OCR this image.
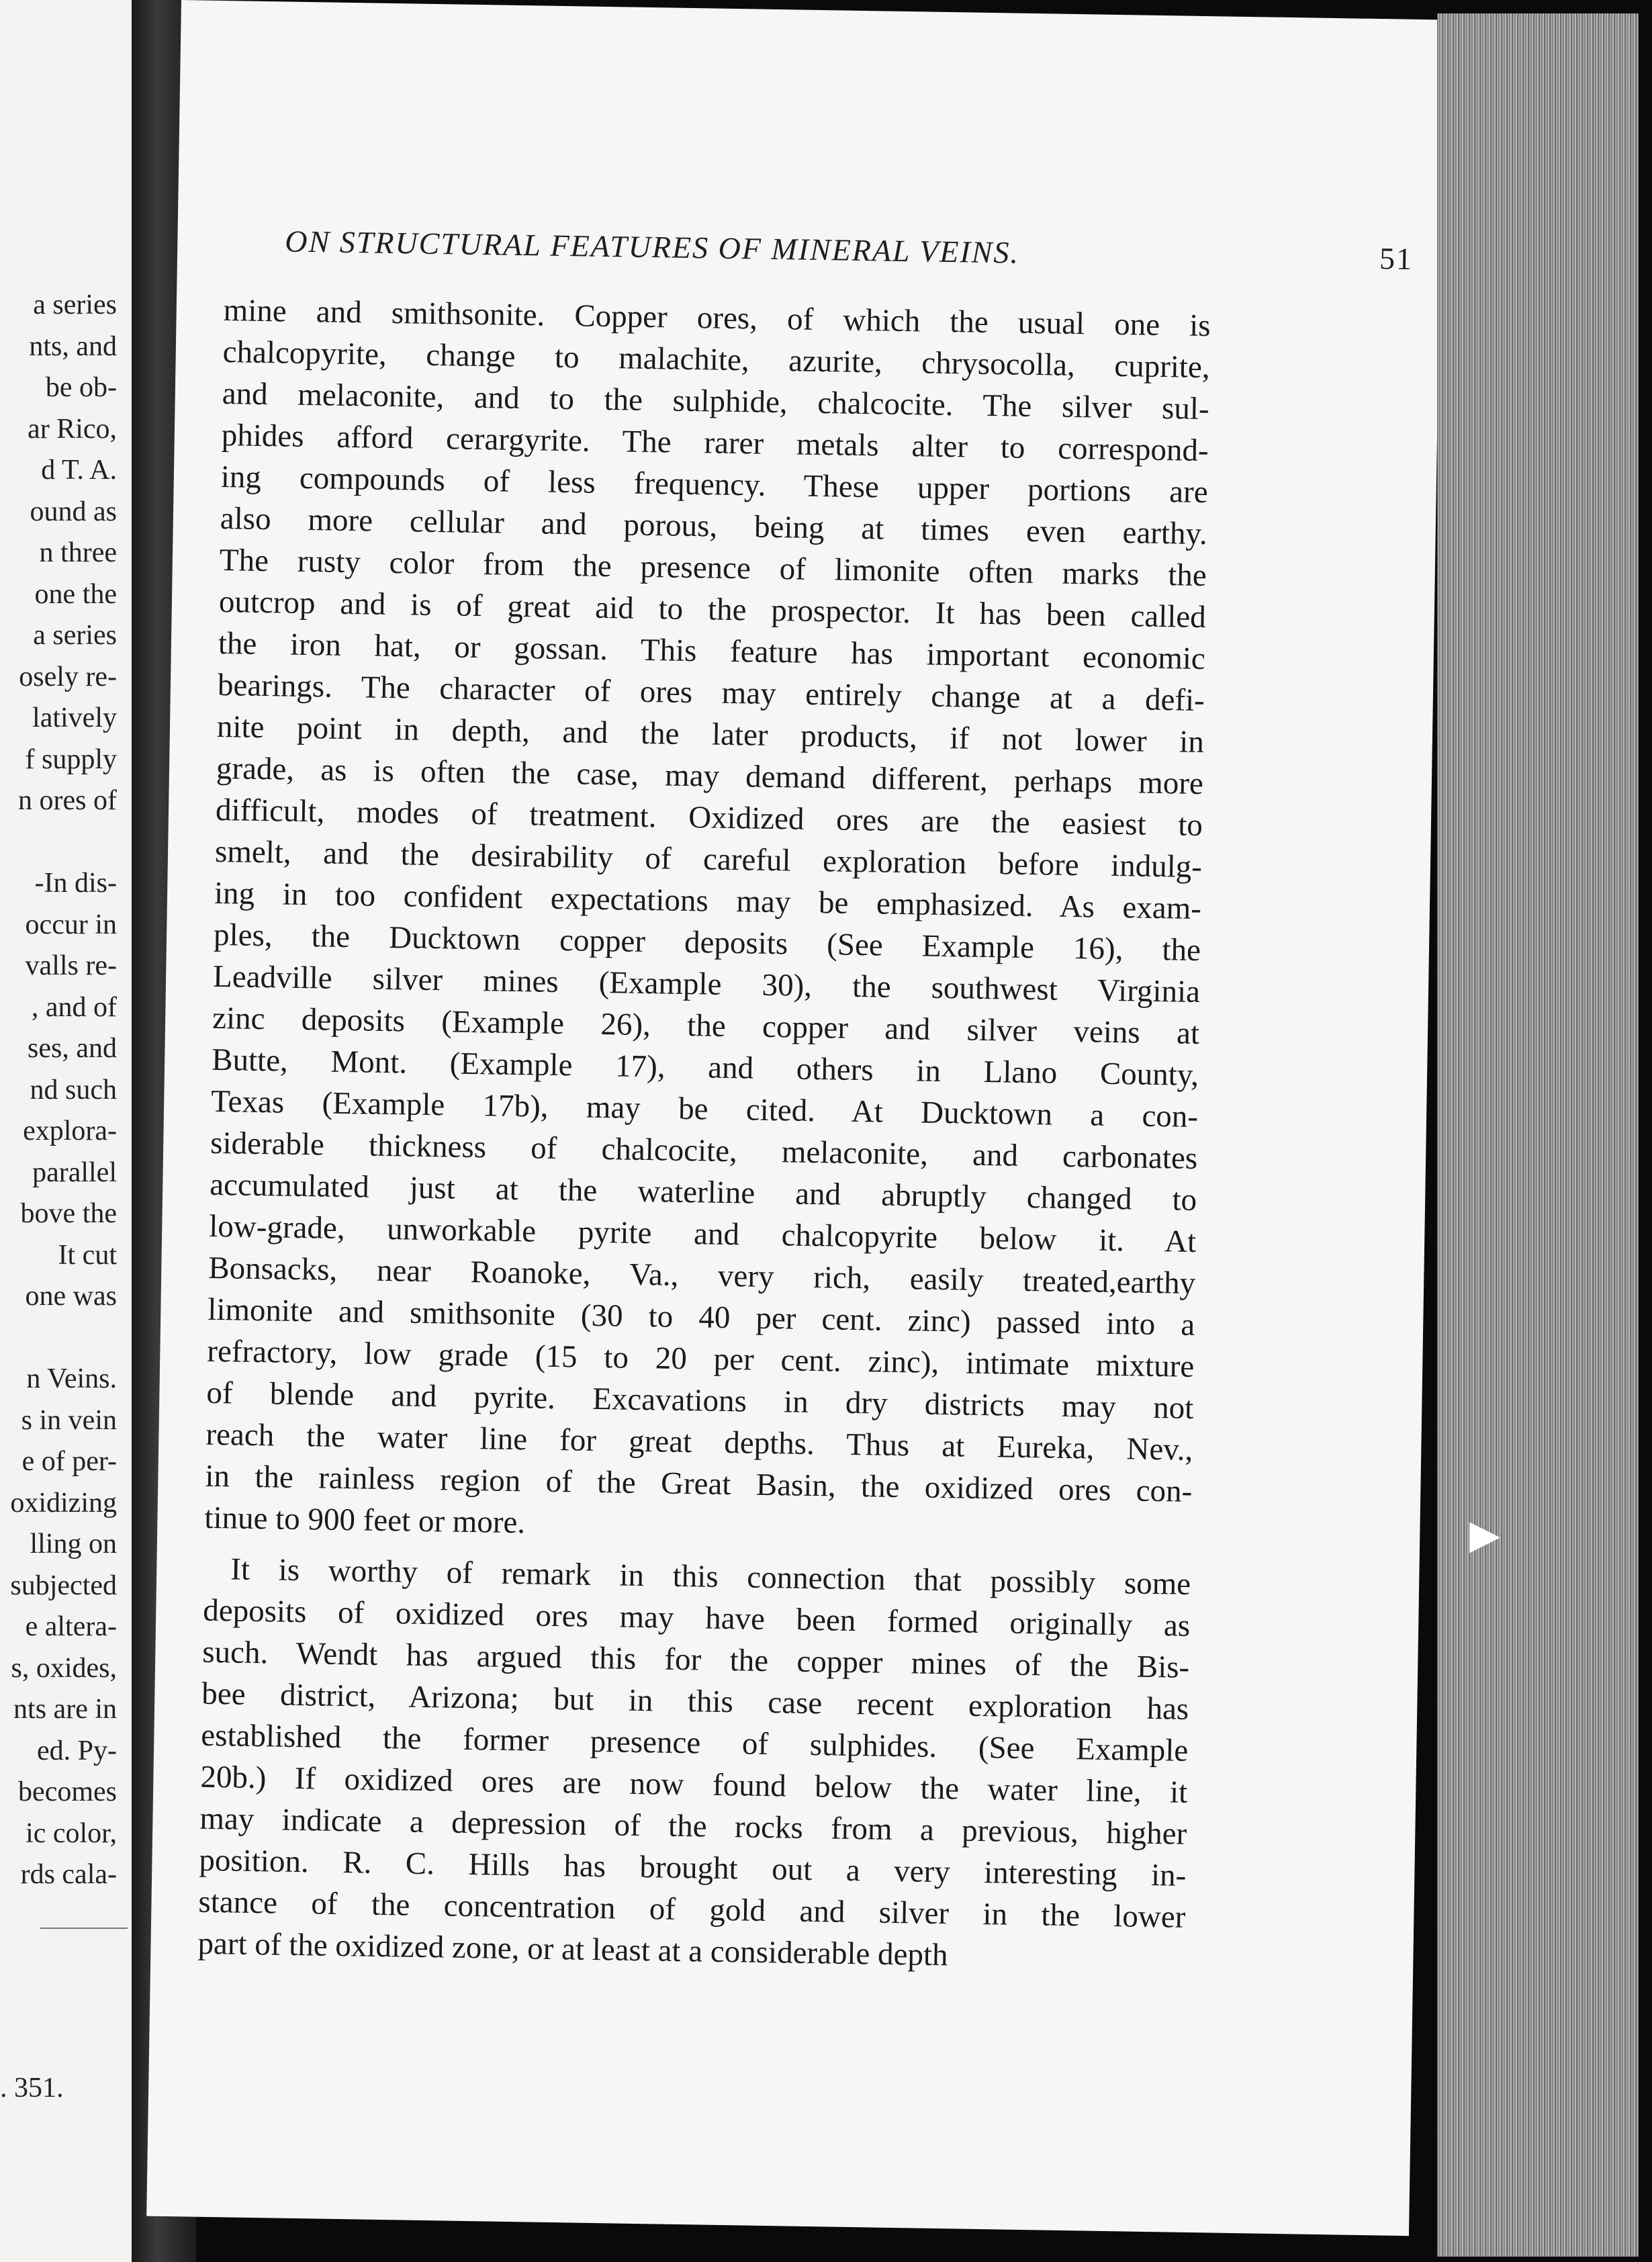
. 351.
a series
nts, and
be ob-
ar Rico,
d T. A.
ound as
n three
one the
a series
osely re-
latively
f supply
n ores of
-In dis-
occur in
valls re-
, and of
ses, and
nd such
explora-
parallel
bove the
It cut
one was
n Veins.
s in vein
e of per-
oxidizing
lling on
subjected
e altera-
s, oxides,
nts are in
ed. Py-
becomes
ic color,
rds cala-
ON STRUCTURAL FEATURES OF MINERAL VEINS.	51
mine and smithsonite. Copper ores, of which the usual one is
chalcopyrite, change to malachite, azurite, chrysocolla, cuprite,
and melaconite, and to the sulphide, chalcocite. The silver sul-
phides afford cerargyrite. The rarer metals alter to correspond-
ing compounds of less frequency. These upper portions are
also more cellular and porous, being at times even earthy.
The rusty color from the presence of limonite often marks the
outcrop and is of great aid to the prospector. It has been called
the iron hat, or gossan. This feature has important economic
bearings. The character of ores may entirely change at a defi-
nite point in depth, and the later products, if not lower in
grade, as is often the case, may demand different, perhaps more
difficult, modes of treatment. Oxidized ores are the easiest to
smelt, and the desirability of careful exploration before indulg-
ing in too confident expectations may be emphasized. As exam-
ples, the Ducktown copper deposits (See Example 16), the
Leadville silver mines (Example 30), the southwest Virginia
zinc deposits (Example 26), the copper and silver veins at
Butte, Mont. (Example 17), and others in Llano County,
Texas (Example 17b), may be cited. At Ducktown a con-
siderable thickness of chalcocite, melaconite, and carbonates
accumulated just at the waterline and abruptly changed to
low-grade, unworkable pyrite and chalcopyrite below it. At
Bonsacks, near Roanoke, Va., very rich, easily treated,earthy
limonite and smithsonite (30 to 40 per cent. zinc) passed into a
refractory, low grade (15 to 20 per cent. zinc), intimate mixture
of blende and pyrite. Excavations in dry districts may not
reach the water line for great depths. Thus at Eureka, Nev.,
in the rainless region of the Great Basin, the oxidized ores con-
tinue to 900 feet or more.
It is worthy of remark in this connection that possibly some
deposits of oxidized ores may have been formed originally as
such. Wendt has argued this for the copper mines of the Bis-
bee district, Arizona; but in this case recent exploration has
established the former presence of sulphides. (See Example
20b.) If oxidized ores are now found below the water line, it
may indicate a depression of the rocks from a previous, higher
position. R. C. Hills has brought out a very interesting in-
stance of the concentration of gold and silver in the lower
part of the oxidized zone, or at least at a considerable depth
▶
